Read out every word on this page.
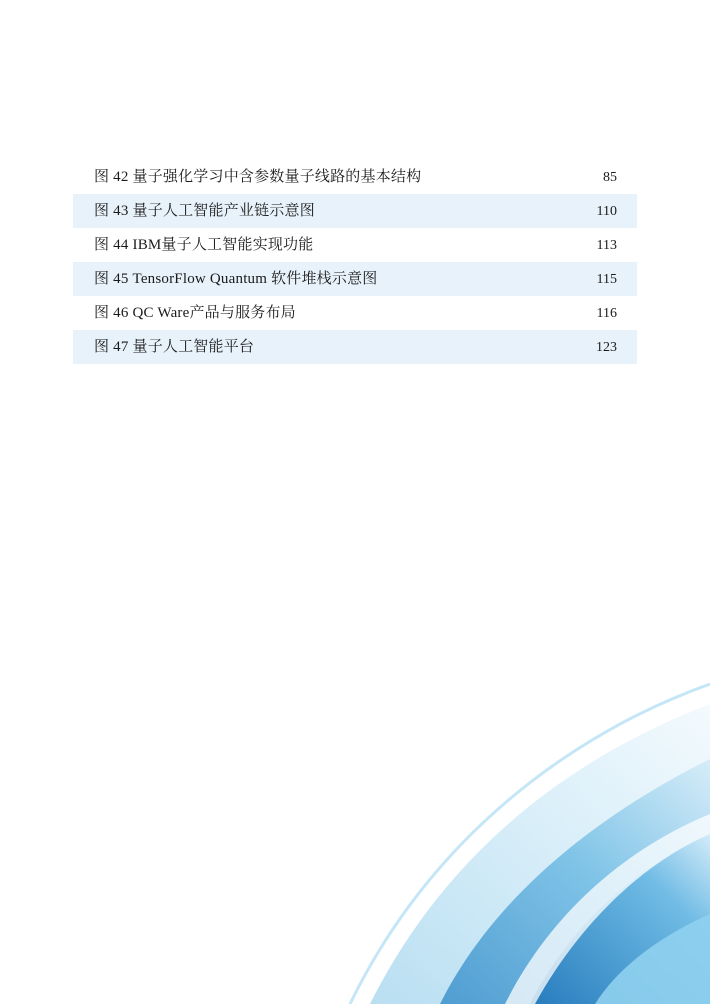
图 42 量子强化学习中含参数量子线路的基本结构	85
图 43 量子人工智能产业链示意图	110
图 44 IBM量子人工智能实现功能	113
图 45 TensorFlow Quantum 软件堆栈示意图	115
图 46 QC Ware产品与服务布局	116
图 47 量子人工智能平台	123
